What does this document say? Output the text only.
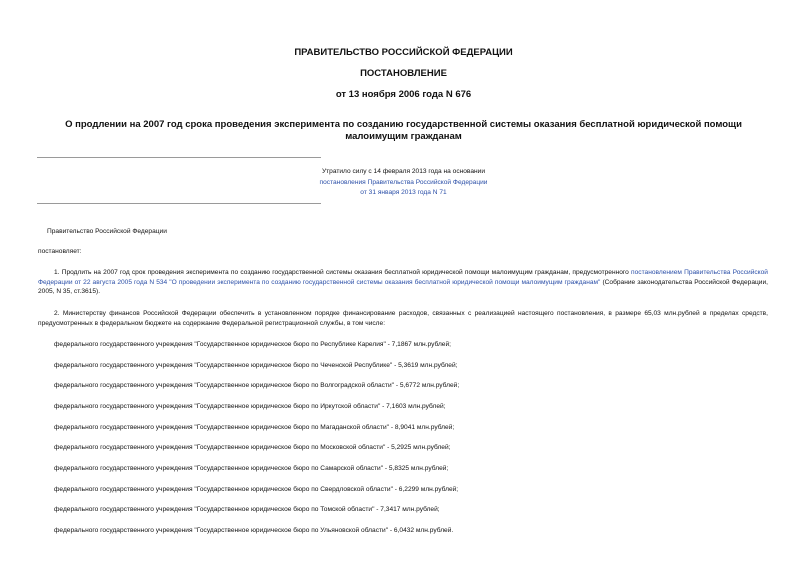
ПРАВИТЕЛЬСТВО РОССИЙСКОЙ ФЕДЕРАЦИИ
ПОСТАНОВЛЕНИЕ
от 13 ноября 2006 года N 676
О продлении на 2007 год срока проведения эксперимента по созданию государственной системы оказания бесплатной юридической помощи малоимущим гражданам
Утратило силу с 14 февраля 2013 года на основании
постановления Правительства Российской Федерации
от 31 января 2013 года N 71
Правительство Российской Федерации
постановляет:
1. Продлить на 2007 год срок проведения эксперимента по созданию государственной системы оказания бесплатной юридической помощи малоимущим гражданам, предусмотренного постановлением Правительства Российской Федерации от 22 августа 2005 года N 534 "О проведении эксперимента по созданию государственной системы оказания бесплатной юридической помощи малоимущим гражданам" (Собрание законодательства Российской Федерации, 2005, N 35, ст.3615).
2. Министерству финансов Российской Федерации обеспечить в установленном порядке финансирование расходов, связанных с реализацией настоящего постановления, в размере 65,03 млн.рублей в пределах средств, предусмотренных в федеральном бюджете на содержание Федеральной регистрационной службы, в том числе:
федерального государственного учреждения "Государственное юридическое бюро по Республике Карелия" - 7,1867 млн.рублей;
федерального государственного учреждения "Государственное юридическое бюро по Чеченской Республике" - 5,3619 млн.рублей;
федерального государственного учреждения "Государственное юридическое бюро по Волгоградской области" - 5,6772 млн.рублей;
федерального государственного учреждения "Государственное юридическое бюро по Иркутской области" - 7,1603 млн.рублей;
федерального государственного учреждения "Государственное юридическое бюро по Магаданской области" - 8,9041 млн.рублей;
федерального государственного учреждения "Государственное юридическое бюро по Московской области" - 5,2925 млн.рублей;
федерального государственного учреждения "Государственное юридическое бюро по Самарской области" - 5,8325 млн.рублей;
федерального государственного учреждения "Государственное юридическое бюро по Свердловской области" - 6,2299 млн.рублей;
федерального государственного учреждения "Государственное юридическое бюро по Томской области" - 7,3417 млн.рублей;
федерального государственного учреждения "Государственное юридическое бюро по Ульяновской области" - 6,0432 млн.рублей.
